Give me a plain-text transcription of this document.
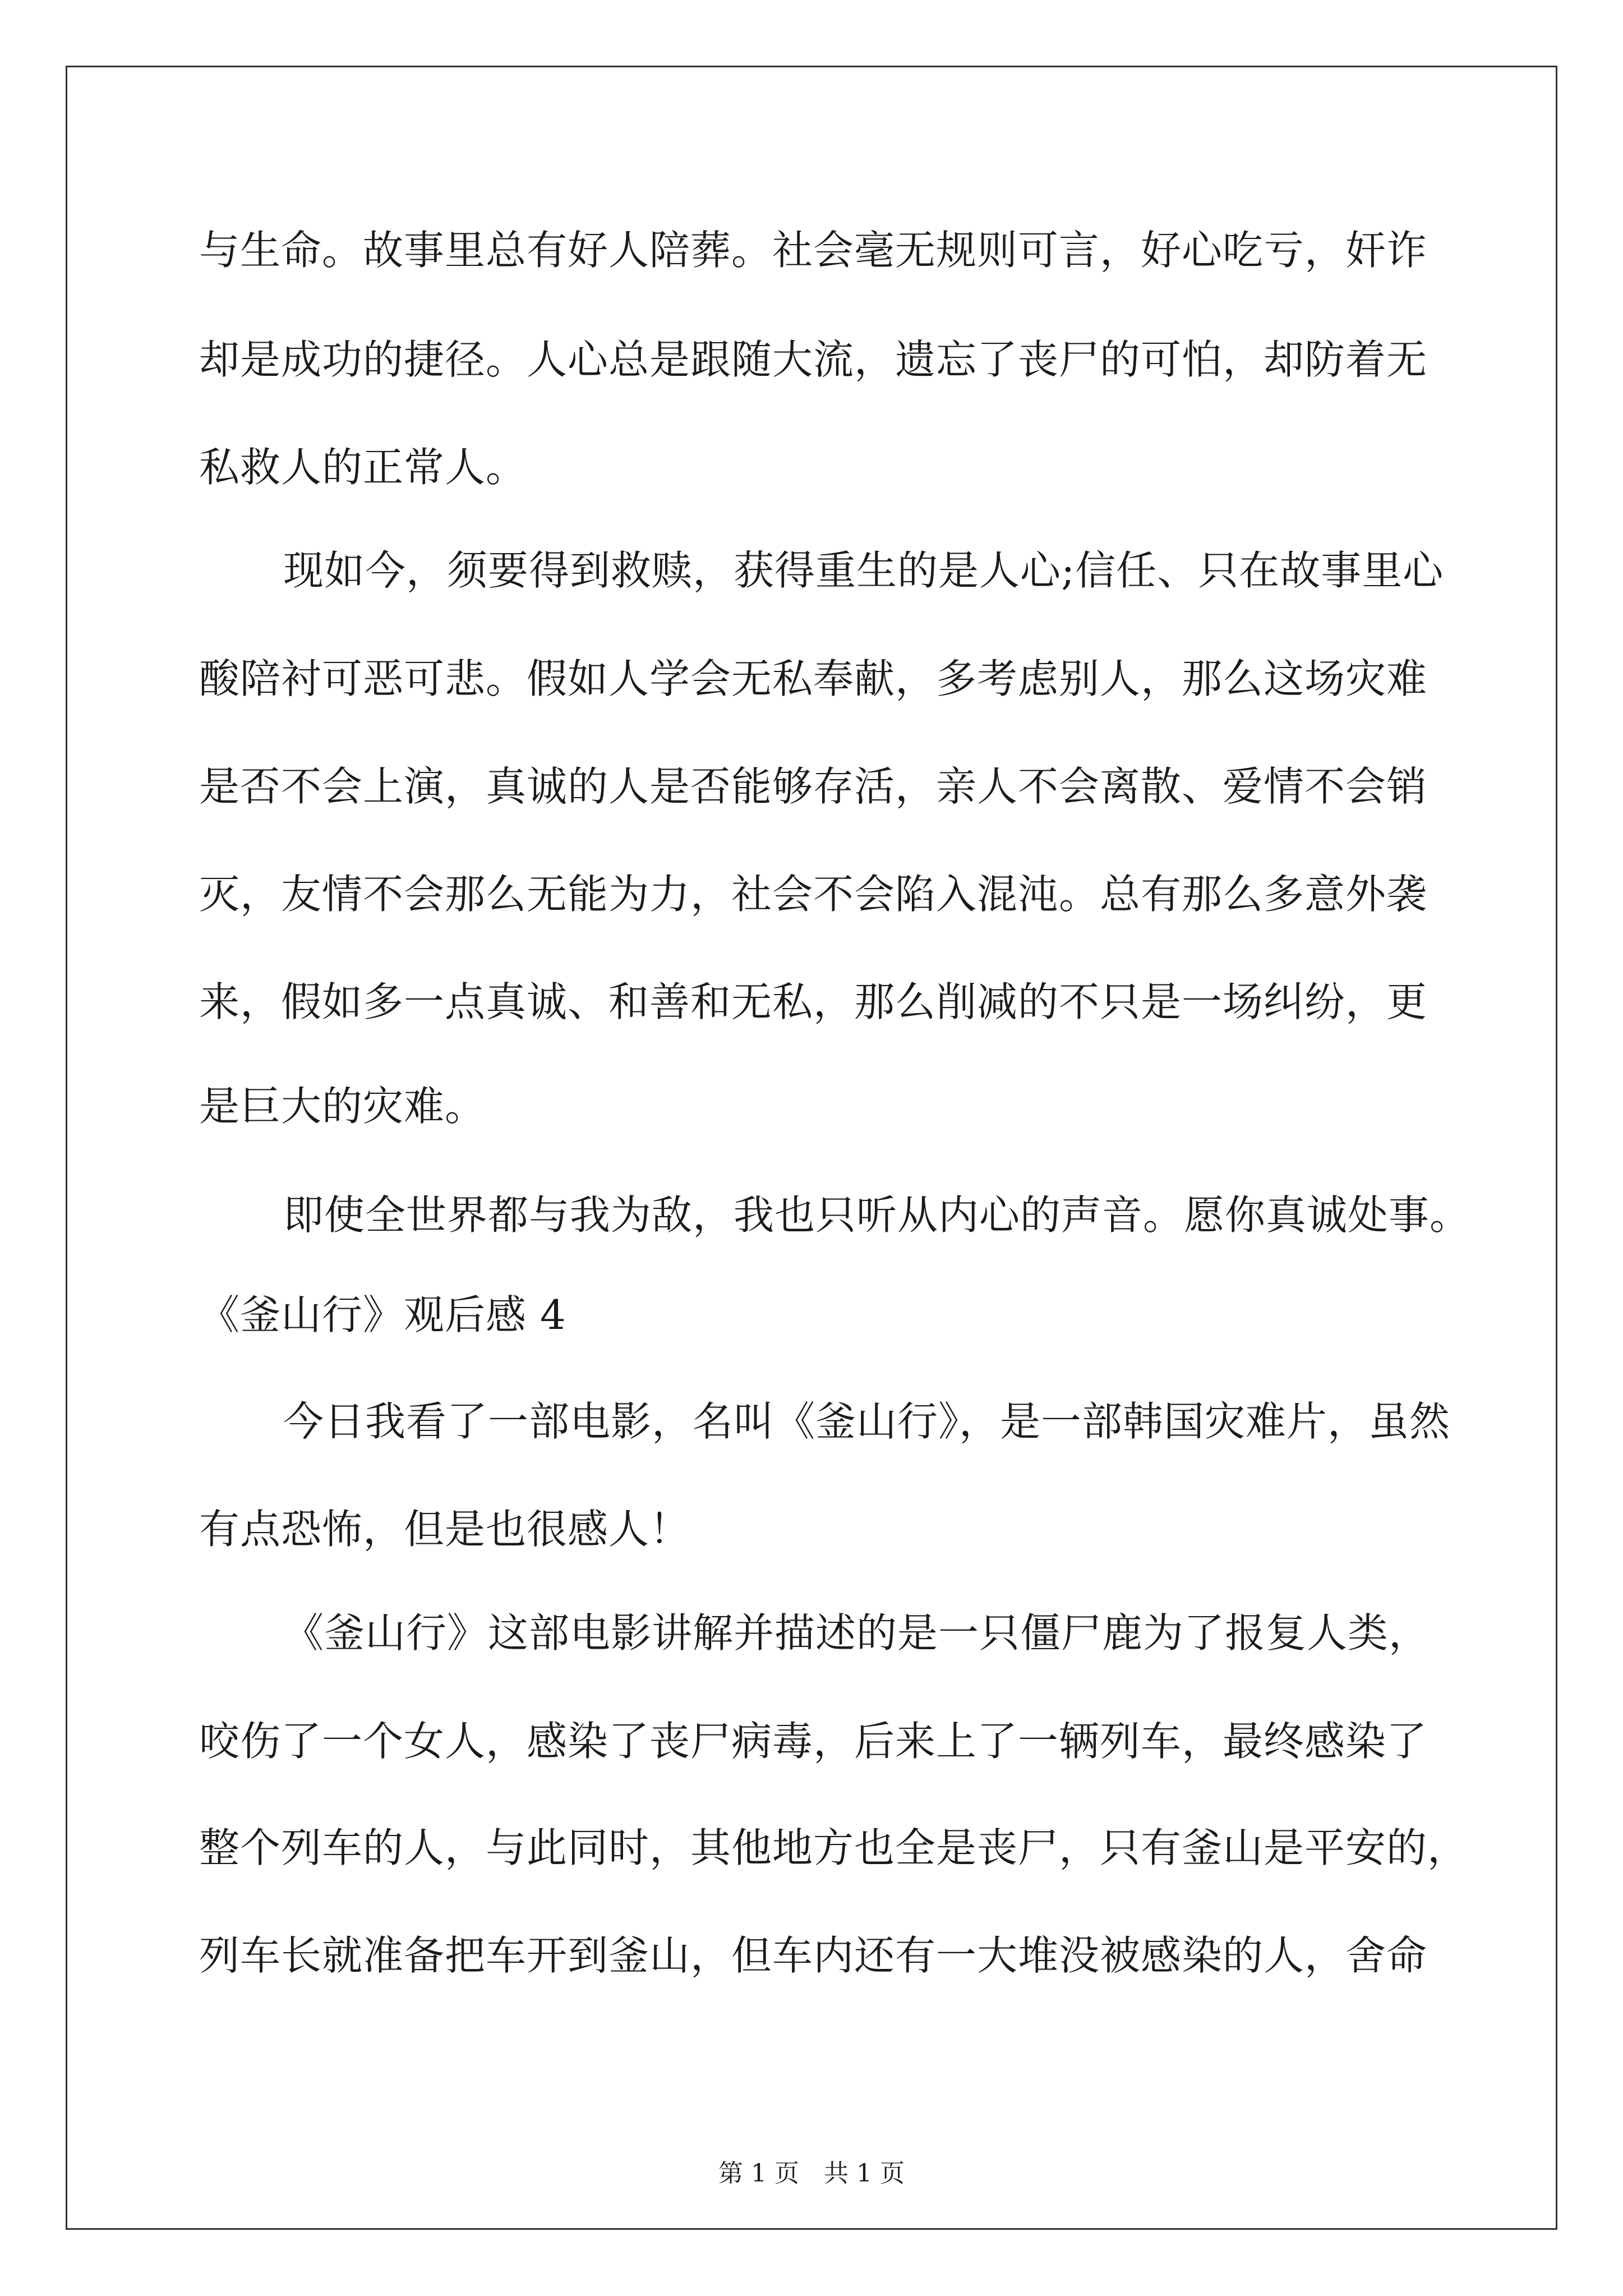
与生命。故事里总有好人陪葬。社会毫无规则可言，好心吃亏，奸诈
却是成功的捷径。人心总是跟随大流，遗忘了丧尸的可怕，却防着无
私救人的正常人。
现如今，须要得到救赎，获得重生的是人心;信任、只在故事里心
酸陪衬可恶可悲。假如人学会无私奉献，多考虑别人，那么这场灾难
是否不会上演，真诚的人是否能够存活，亲人不会离散、爱情不会销
灭，友情不会那么无能为力，社会不会陷入混沌。总有那么多意外袭
来，假如多一点真诚、和善和无私，那么削减的不只是一场纠纷，更
是巨大的灾难。
即使全世界都与我为敌，我也只听从内心的声音。愿你真诚处事。
《釜山行》观后感 4
今日我看了一部电影，名叫《釜山行》，是一部韩国灾难片，虽然
有点恐怖，但是也很感人！
《釜山行》这部电影讲解并描述的是一只僵尸鹿为了报复人类，
咬伤了一个女人，感染了丧尸病毒，后来上了一辆列车，最终感染了
整个列车的人，与此同时，其他地方也全是丧尸，只有釜山是平安的，
列车长就准备把车开到釜山，但车内还有一大堆没被感染的人，舍命
第 1 页　共 1 页
